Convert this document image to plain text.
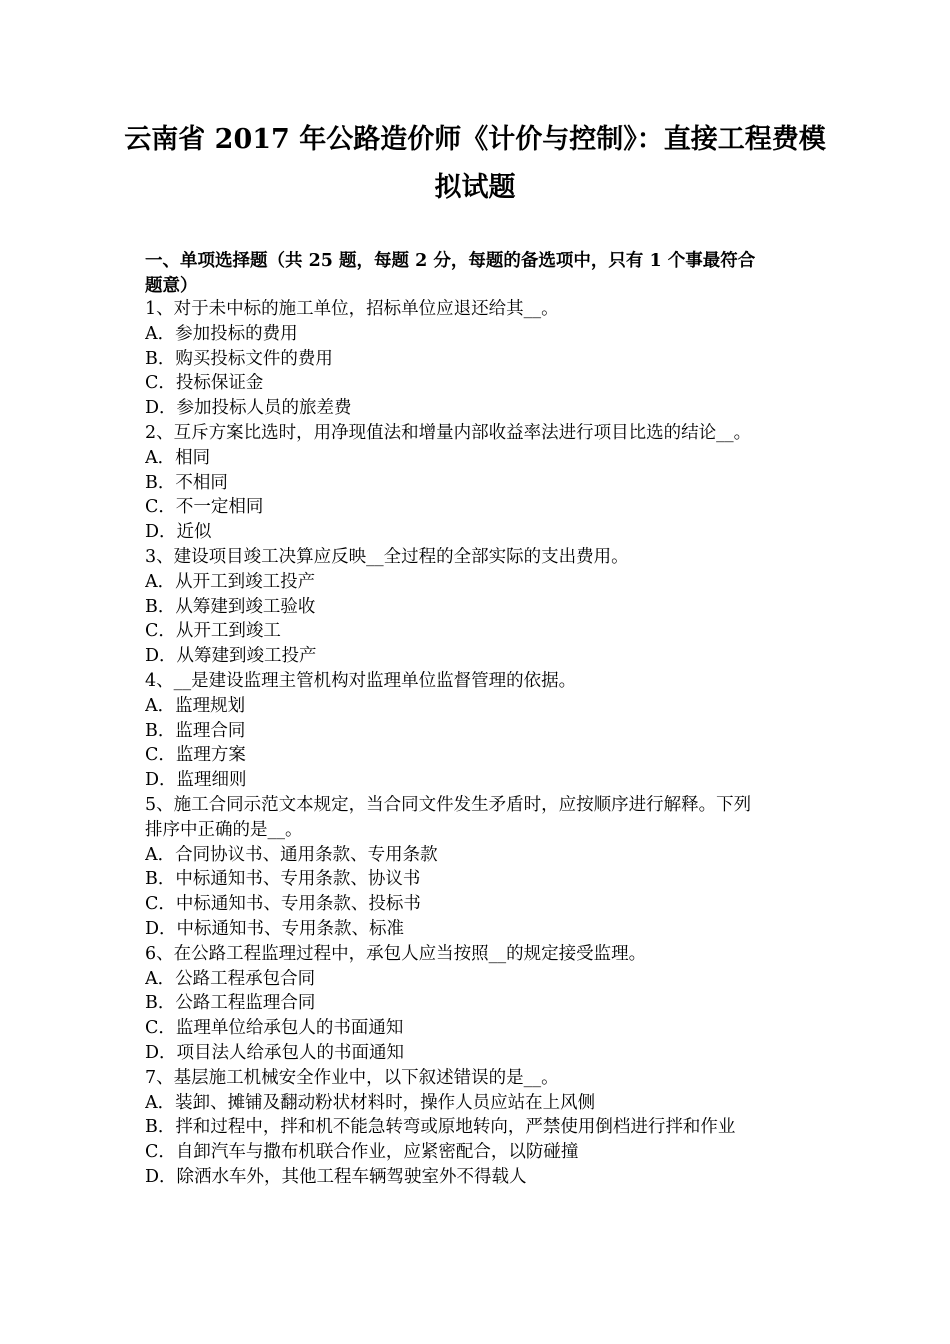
云南省 2017 年公路造价师《计价与控制》：直接工程费模
拟试题
一、单项选择题（共 25 题，每题 2 分，每题的备选项中，只有 1 个事最符合
题意）
1、对于未中标的施工单位，招标单位应退还给其__。
A．参加投标的费用
B．购买投标文件的费用
C．投标保证金
D．参加投标人员的旅差费
2、互斥方案比选时，用净现值法和增量内部收益率法进行项目比选的结论__。
A．相同
B．不相同
C．不一定相同
D．近似
3、建设项目竣工决算应反映__全过程的全部实际的支出费用。
A．从开工到竣工投产
B．从筹建到竣工验收
C．从开工到竣工
D．从筹建到竣工投产
4、__是建设监理主管机构对监理单位监督管理的依据。
A．监理规划
B．监理合同
C．监理方案
D．监理细则
5、施工合同示范文本规定，当合同文件发生矛盾时，应按顺序进行解释。下列
排序中正确的是__。
A．合同协议书、通用条款、专用条款
B．中标通知书、专用条款、协议书
C．中标通知书、专用条款、投标书
D．中标通知书、专用条款、标准
6、在公路工程监理过程中，承包人应当按照__的规定接受监理。
A．公路工程承包合同
B．公路工程监理合同
C．监理单位给承包人的书面通知
D．项目法人给承包人的书面通知
7、基层施工机械安全作业中，以下叙述错误的是__。
A．装卸、摊铺及翻动粉状材料时，操作人员应站在上风侧
B．拌和过程中，拌和机不能急转弯或原地转向，严禁使用倒档进行拌和作业
C．自卸汽车与撒布机联合作业，应紧密配合，以防碰撞
D．除洒水车外，其他工程车辆驾驶室外不得载人
